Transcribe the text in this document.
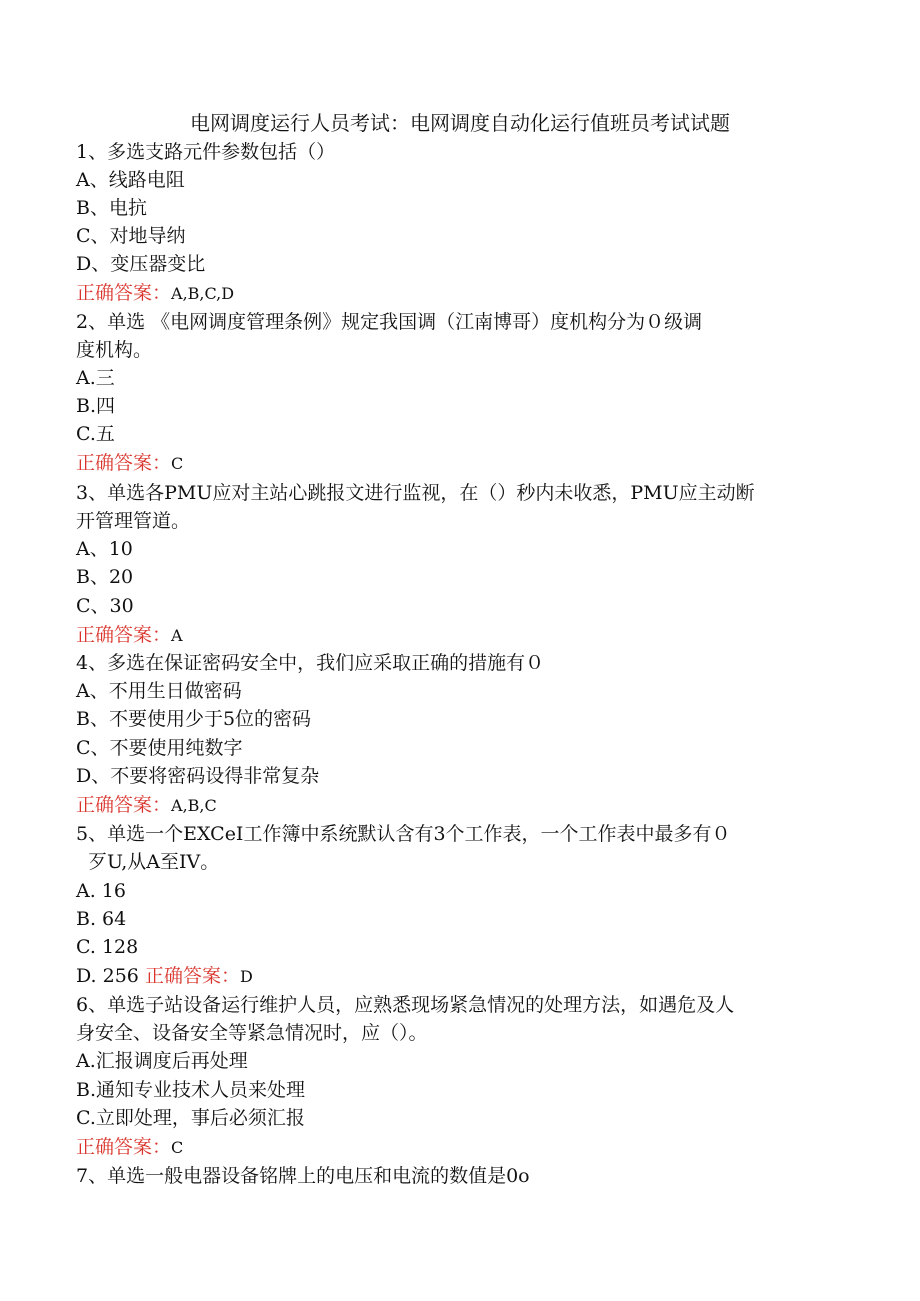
电网调度运行人员考试：电网调度自动化运行值班员考试试题
1、多选支路元件参数包括（）
A、线路电阻
B、电抗
C、对地导纳
D、变压器变比
正确答案：A,B,C,D
2、单选 《电网调度管理条例》规定我国调（江南博哥）度机构分为０级调
度机构。
A.三
B.四
C.五
正确答案：C
3、单选各PMU应对主站心跳报文进行监视，在（）秒内未收悉，PMU应主动断
开管理管道。
A、10
B、20
C、30
正确答案：A
4、多选在保证密码安全中，我们应采取正确的措施有０
A、不用生日做密码
B、不要使用少于5位的密码
C、不要使用纯数字
D、不要将密码设得非常复杂
正确答案：A,B,C
5、单选一个EXCeI工作簿中系统默认含有3个工作表，一个工作表中最多有０
歹U,从A至IV。
A. 16
B. 64
C. 128
D. 256 正确答案：D
6、单选子站设备运行维护人员，应熟悉现场紧急情况的处理方法，如遇危及人
身安全、设备安全等紧急情况时，应（）。
A.汇报调度后再处理
B.通知专业技术人员来处理
C.立即处理，事后必须汇报
正确答案：C
7、单选一般电器设备铭牌上的电压和电流的数值是0o
